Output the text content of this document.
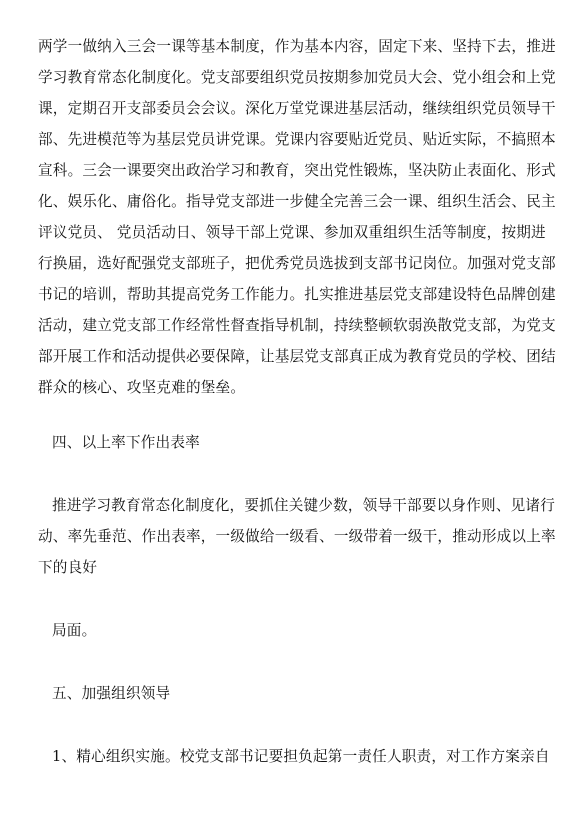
两学一做纳入三会一课等基本制度，作为基本内容，固定下来、坚持下去，推进
学习教育常态化制度化。党支部要组织党员按期参加党员大会、党小组会和上党
课，定期召开支部委员会会议。深化万堂党课进基层活动，继续组织党员领导干
部、先进模范等为基层党员讲党课。党课内容要贴近党员、贴近实际，不搞照本
宣科。三会一课要突出政治学习和教育，突出党性锻炼，坚决防止表面化、形式
化、娱乐化、庸俗化。指导党支部进一步健全完善三会一课、组织生活会、民主
评议党员、 党员活动日、领导干部上党课、参加双重组织生活等制度，按期进
行换届，选好配强党支部班子，把优秀党员选拔到支部书记岗位。加强对党支部
书记的培训，帮助其提高党务工作能力。扎实推进基层党支部建设特色品牌创建
活动，建立党支部工作经常性督查指导机制，持续整顿软弱涣散党支部，为党支
部开展工作和活动提供必要保障，让基层党支部真正成为教育党员的学校、团结
群众的核心、攻坚克难的堡垒。
四、以上率下作出表率
推进学习教育常态化制度化，要抓住关键少数，领导干部要以身作则、见诸行
动、率先垂范、作出表率，一级做给一级看、一级带着一级干，推动形成以上率
下的良好
局面。
五、加强组织领导
1、精心组织实施。校党支部书记要担负起第一责任人职责，对工作方案亲自
